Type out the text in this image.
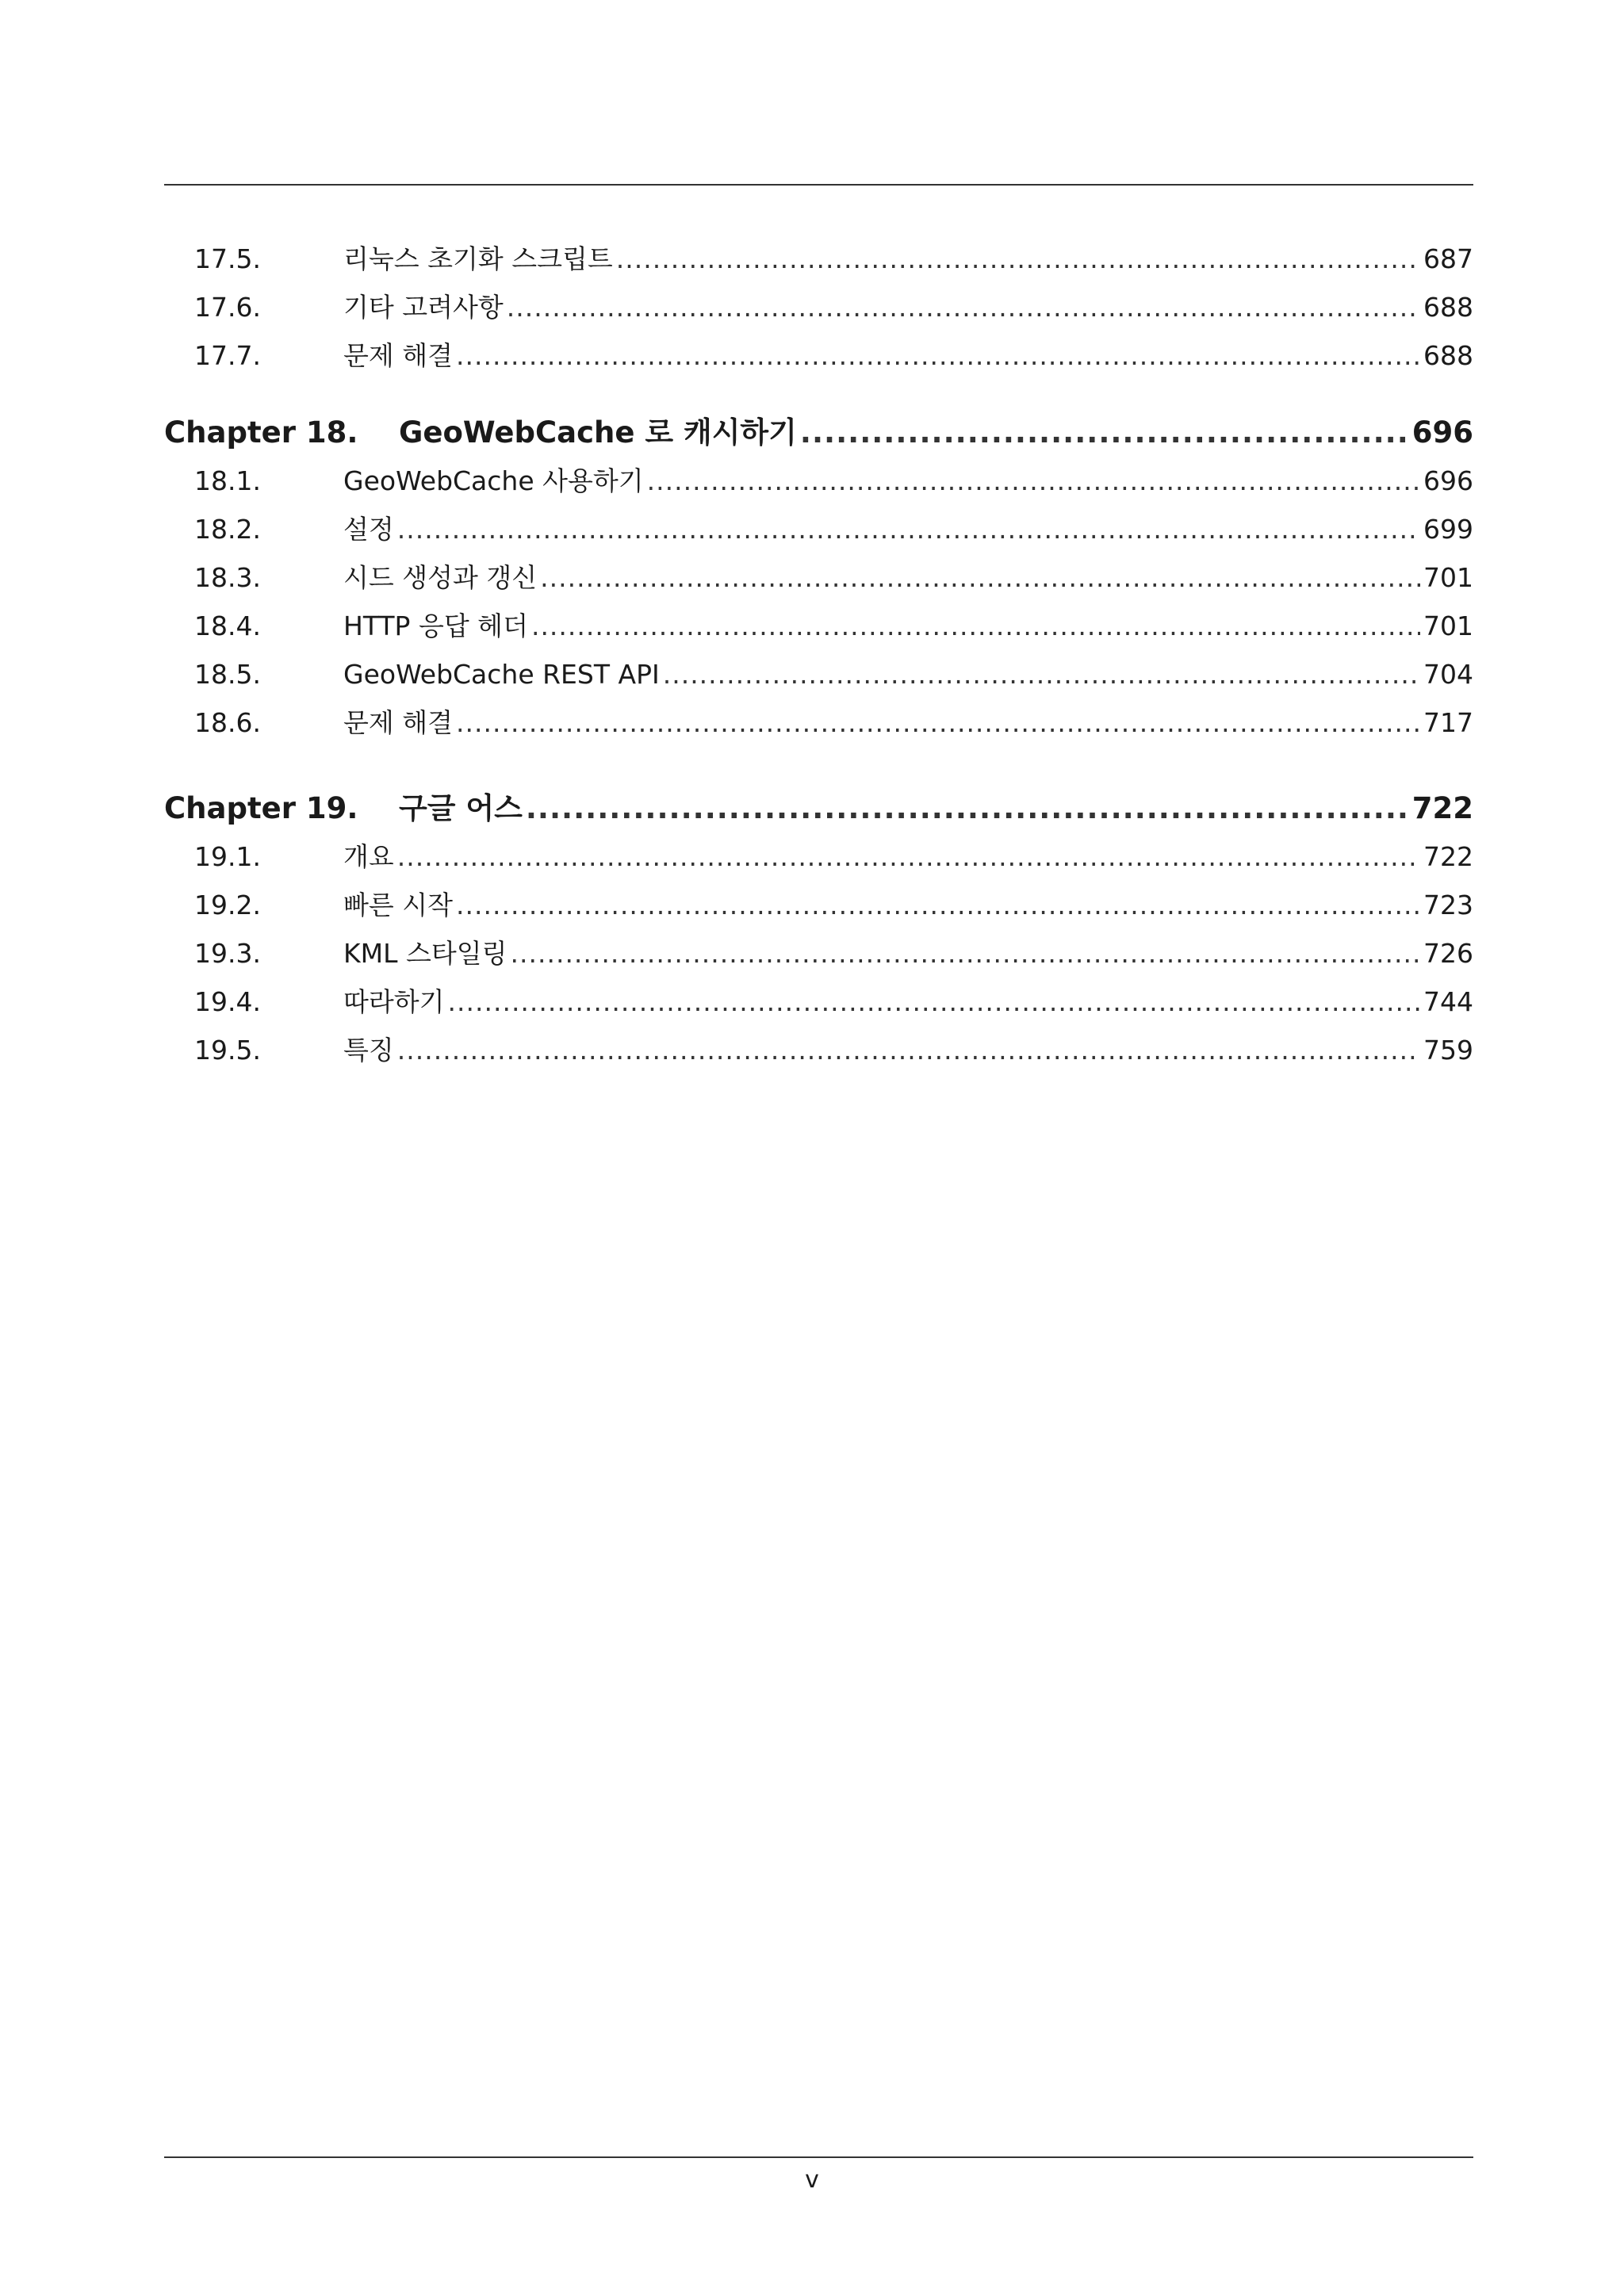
17.5.	리눅스 초기화 스크립트 .....	687
17.6.	기타 고려사항 .....	688
17.7.	문제 해결 .....	688
Chapter 18.	GeoWebCache 로 캐시하기 .....	696
18.1.	GeoWebCache 사용하기 .....	696
18.2.	설정 .....	699
18.3.	시드 생성과 갱신 .....	701
18.4.	HTTP 응답 헤더 .....	701
18.5.	GeoWebCache REST API .....	704
18.6.	문제 해결 .....	717
Chapter 19.	구글 어스 .....	722
19.1.	개요 .....	722
19.2.	빠른 시작 .....	723
19.3.	KML 스타일링 .....	726
19.4.	따라하기 .....	744
19.5.	특징 .....	759
v
